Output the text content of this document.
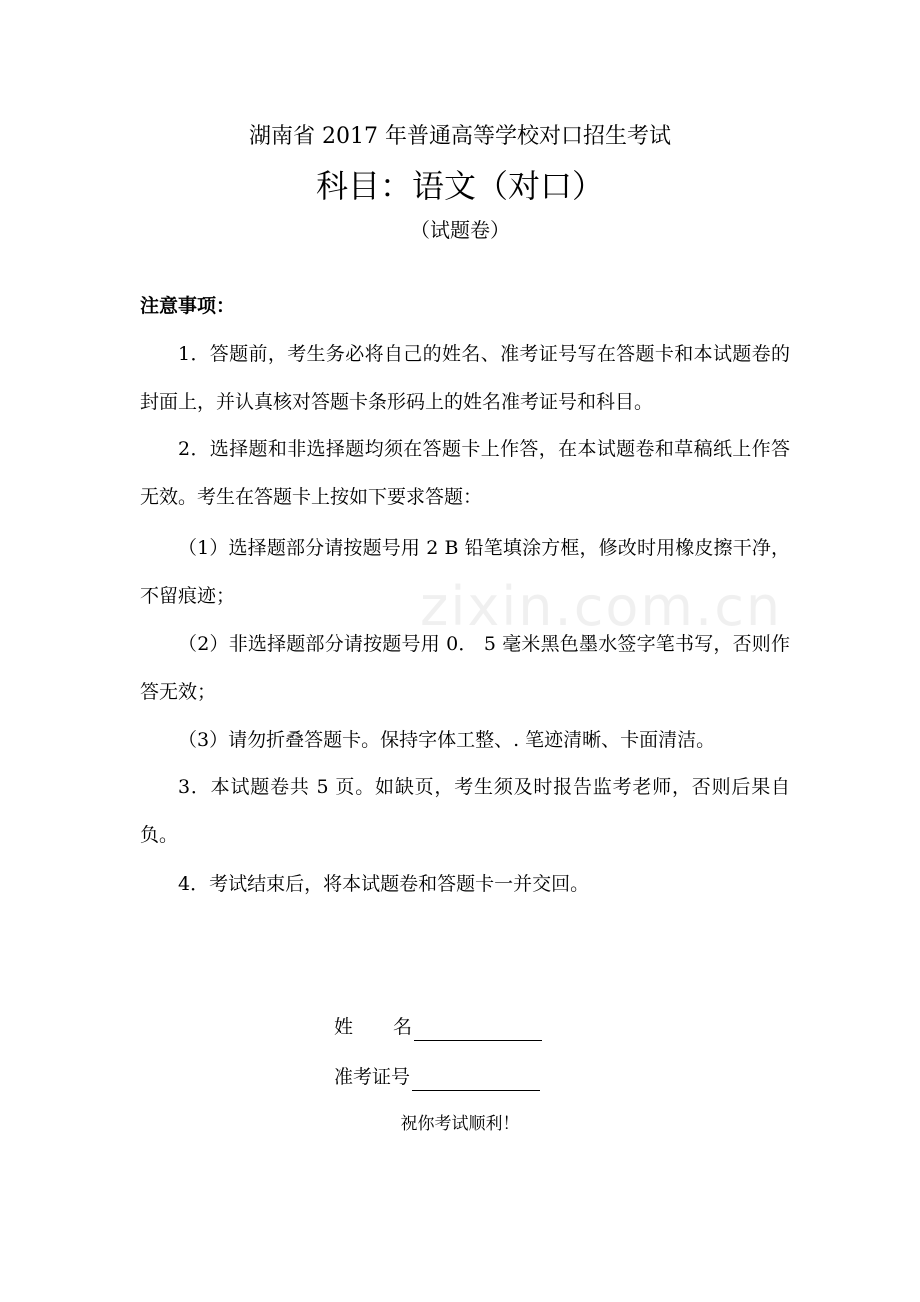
zixin.com.cn
湖南省 2017 年普通高等学校对口招生考试
科目：语文（对口）
（试题卷）
注意事项：
1．答题前，考生务必将自己的姓名、准考证号写在答题卡和本试题卷的封面上，并认真核对答题卡条形码上的姓名准考证号和科目。
2．选择题和非选择题均须在答题卡上作答，在本试题卷和草稿纸上作答无效。考生在答题卡上按如下要求答题：
（1）选择题部分请按题号用 2 B 铅笔填涂方框，修改时用橡皮擦干净，不留痕迹；
（2）非选择题部分请按题号用 0． 5 毫米黑色墨水签字笔书写，否则作答无效；
（3）请勿折叠答题卡。保持字体工整、. 笔迹清晰、卡面清洁。
3．本试题卷共 5 页。如缺页，考生须及时报告监考老师，否则后果自负。
4．考试结束后，将本试题卷和答题卡一并交回。
姓 名
准考证号
祝你考试顺利！
